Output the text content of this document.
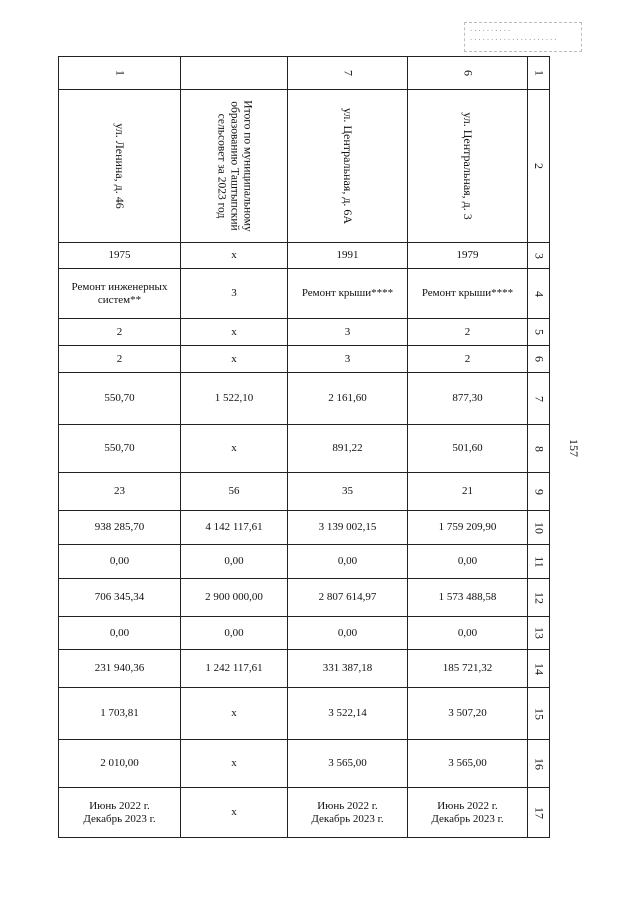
..........
.....................
157
1		7	6	1

ул. Ленина, д. 46	Итого по муниципальному образованию Таштыпский сельсовет за 2023 год	ул. Центральная, д. 6А	ул. Центральная, д. 3	2

1975	x	1991	1979	3

Ремонт инженерных систем**	3	Ремонт крыши****	Ремонт крыши****	4

2	x	3	2	5

2	x	3	2	6

550,70	1 522,10	2 161,60	877,30	7

550,70	x	891,22	501,60	8

23	56	35	21	9

938 285,70	4 142 117,61	3 139 002,15	1 759 209,90	10

0,00	0,00	0,00	0,00	11

706 345,34	2 900 000,00	2 807 614,97	1 573 488,58	12

0,00	0,00	0,00	0,00	13

231 940,36	1 242 117,61	331 387,18	185 721,32	14

1 703,81	x	3 522,14	3 507,20	15

2 010,00	x	3 565,00	3 565,00	16

Июнь 2022 г.
Декабрь 2023 г.	x	Июнь 2022 г.
Декабрь 2023 г.	Июнь 2022 г.
Декабрь 2023 г.	17
